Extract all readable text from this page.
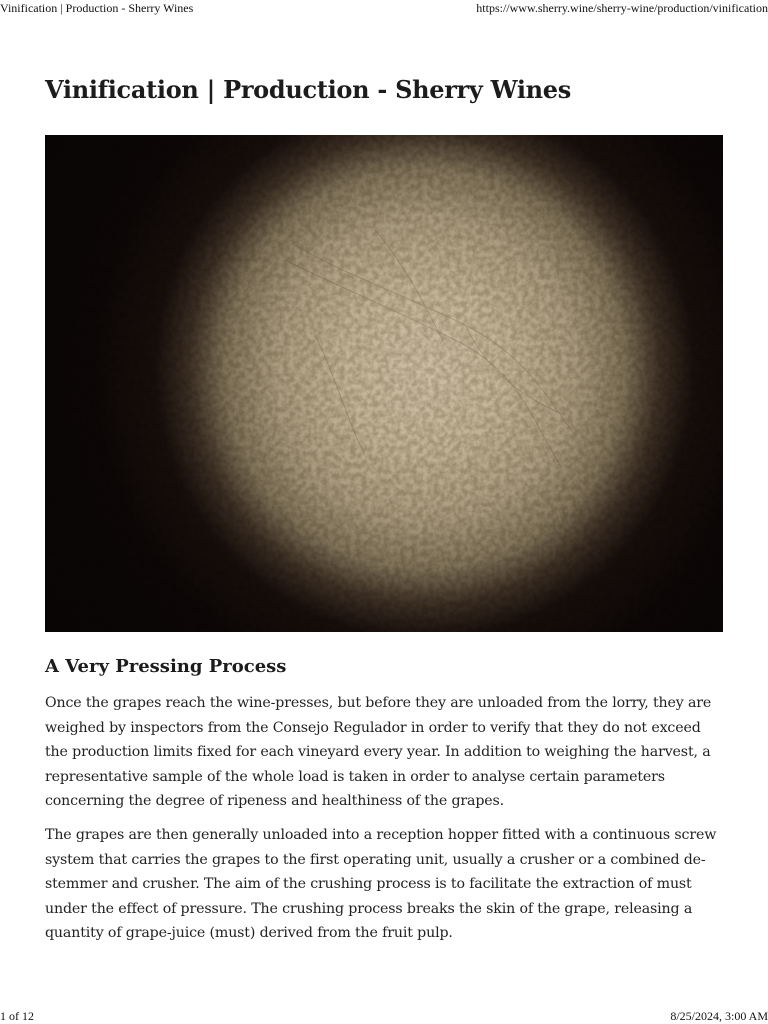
Vinification | Production - Sherry Wines	https://www.sherry.wine/sherry-wine/production/vinification
Vinification | Production - Sherry Wines
A Very Pressing Process

Once the grapes reach the wine-presses, but before they are unloaded from the lorry, they are weighed by inspectors from the Consejo Regulador in order to verify that they do not exceed the production limits fixed for each vineyard every year. In addition to weighing the harvest, a representative sample of the whole load is taken in order to analyse certain parameters concerning the degree of ripeness and healthiness of the grapes.

The grapes are then generally unloaded into a reception hopper fitted with a continuous screw system that carries the grapes to the first operating unit, usually a crusher or a combined de-stemmer and crusher. The aim of the crushing process is to facilitate the extraction of must under the effect of pressure. The crushing process breaks the skin of the grape, releasing a quantity of grape-juice (must) derived from the fruit pulp.

1 of 12	8/25/2024, 3:00 AM
